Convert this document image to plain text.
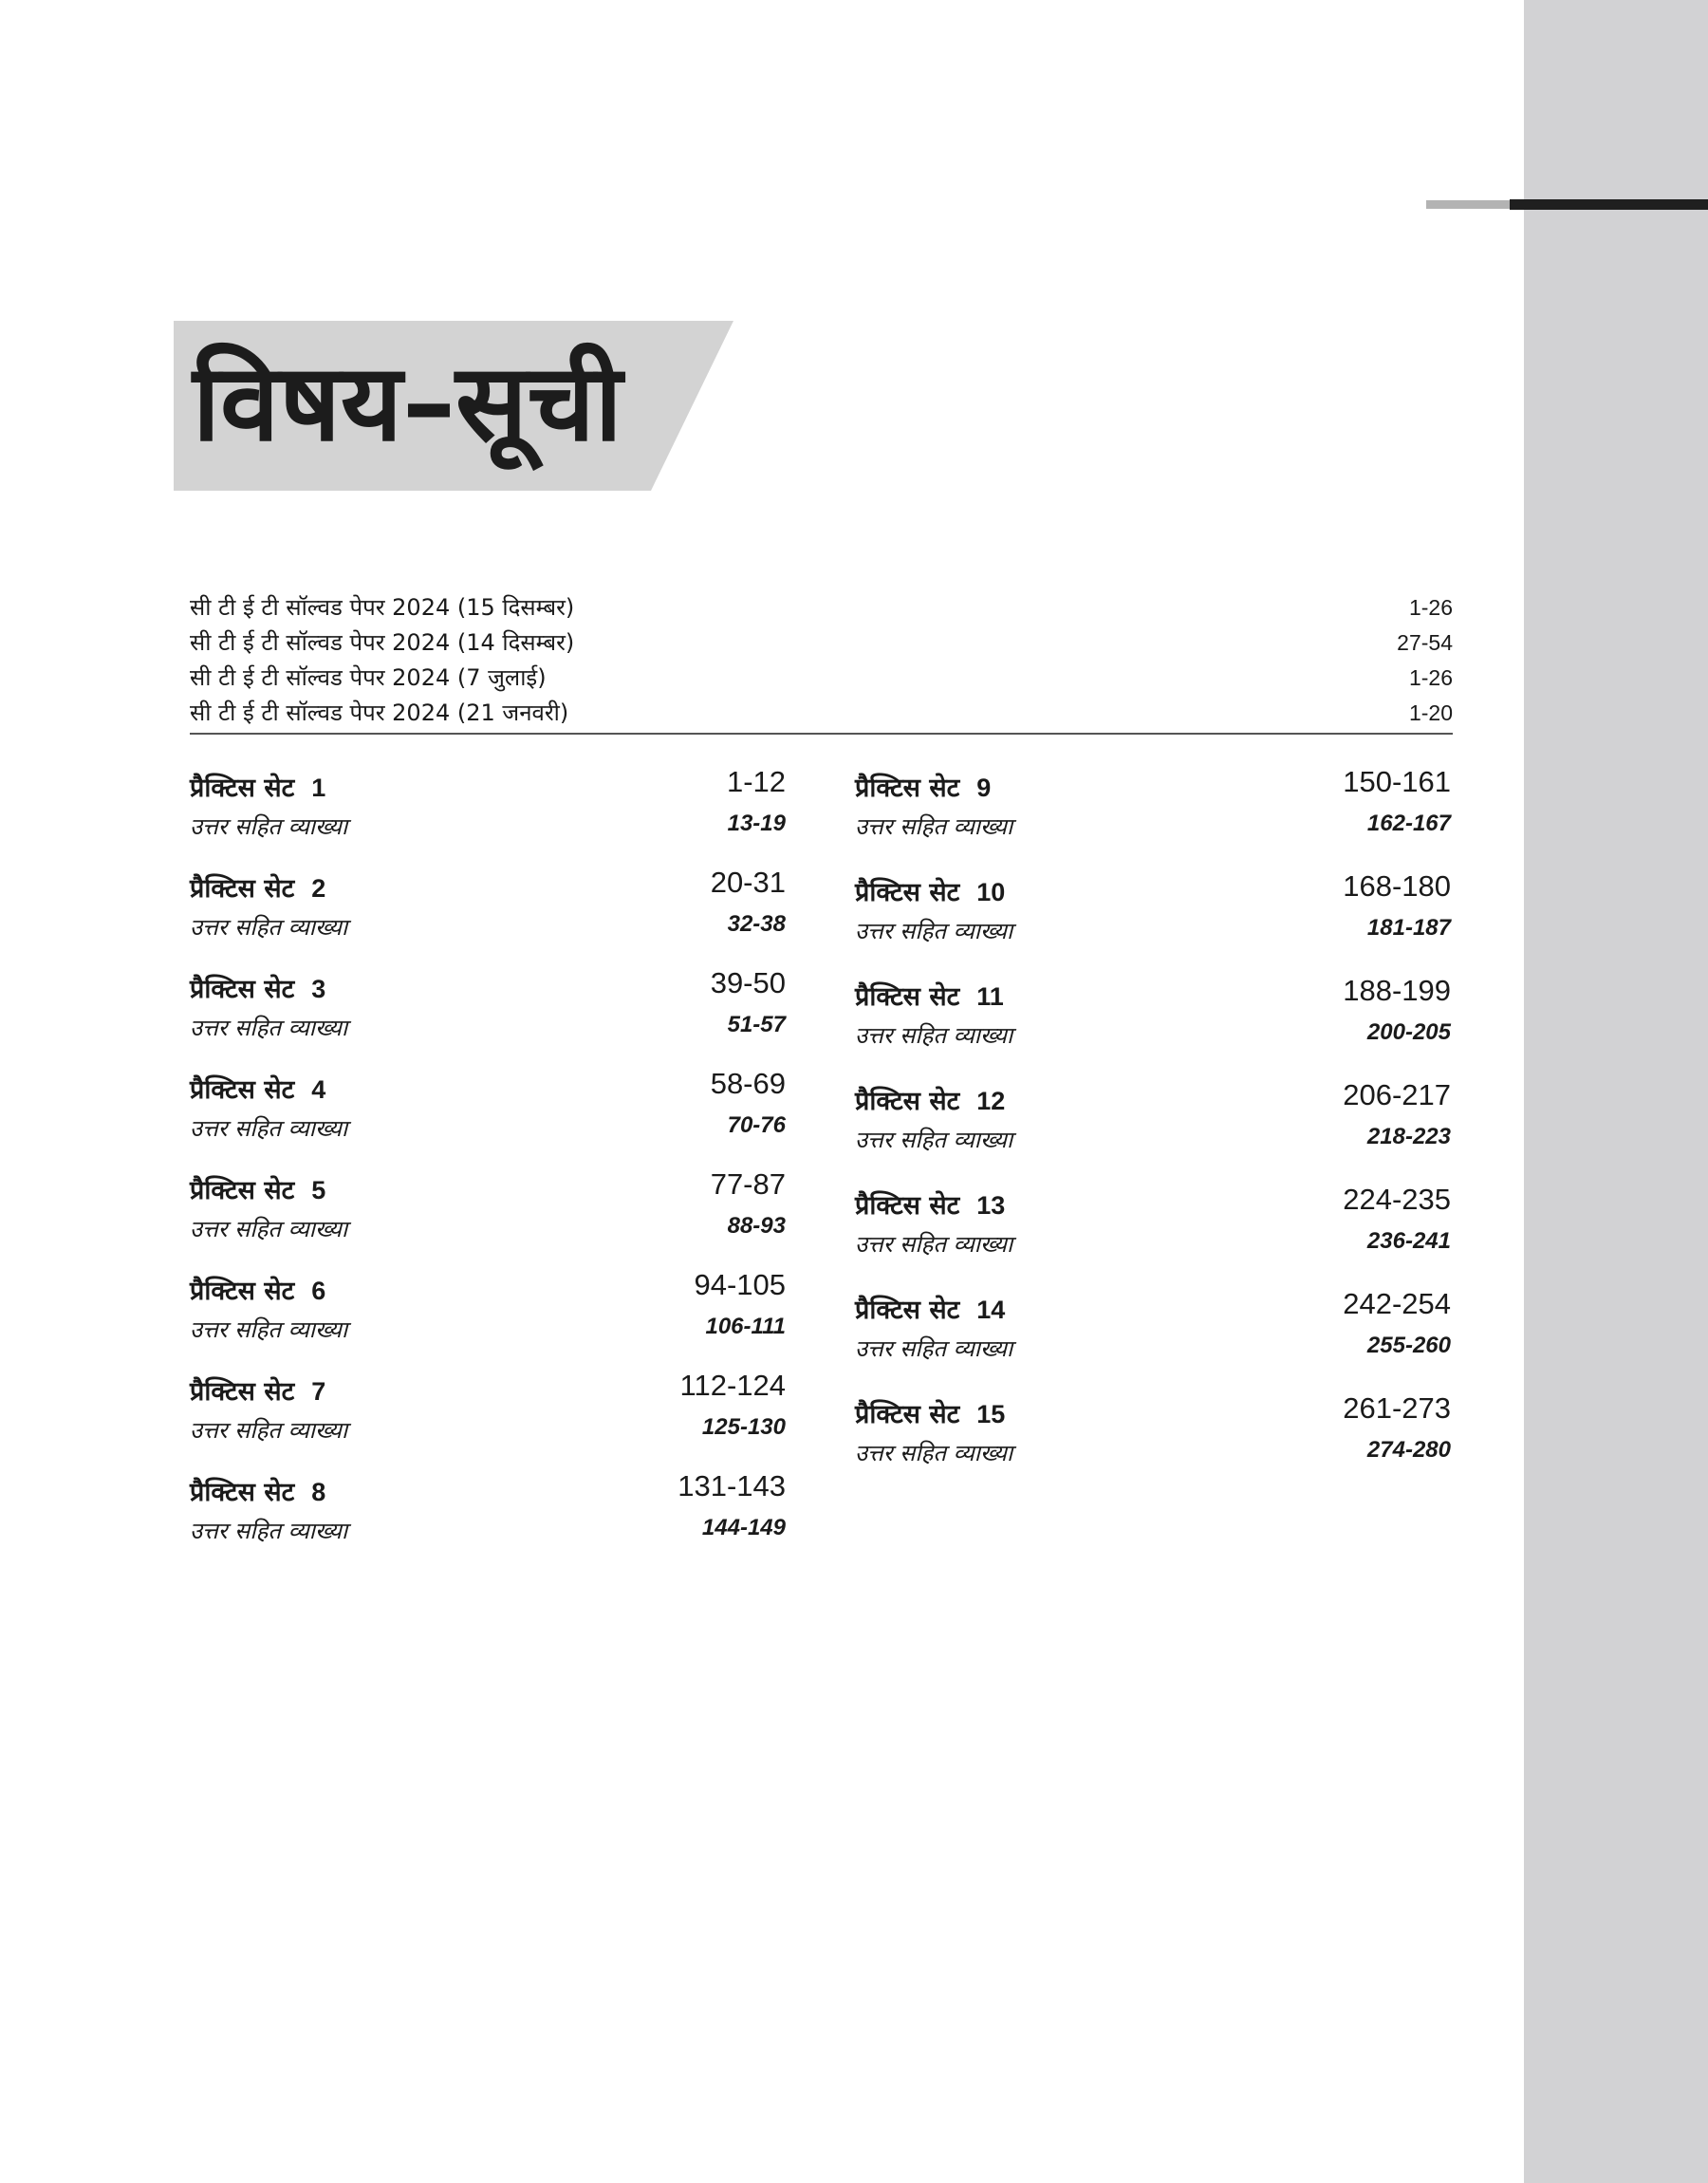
विषय–सूची
सी टी ई टी सॉल्वड पेपर 2024 (15 दिसम्बर)	1-26
सी टी ई टी सॉल्वड पेपर 2024 (14 दिसम्बर)	27-54
सी टी ई टी सॉल्वड पेपर 2024 (7 जुलाई)	1-26
सी टी ई टी सॉल्वड पेपर 2024 (21 जनवरी)	1-20
प्रैक्टिस सेट 1	1-12
उत्तर सहित व्याख्या	13-19
प्रैक्टिस सेट 2	20-31
उत्तर सहित व्याख्या	32-38
प्रैक्टिस सेट 3	39-50
उत्तर सहित व्याख्या	51-57
प्रैक्टिस सेट 4	58-69
उत्तर सहित व्याख्या	70-76
प्रैक्टिस सेट 5	77-87
उत्तर सहित व्याख्या	88-93
प्रैक्टिस सेट 6	94-105
उत्तर सहित व्याख्या	106-111
प्रैक्टिस सेट 7	112-124
उत्तर सहित व्याख्या	125-130
प्रैक्टिस सेट 8	131-143
उत्तर सहित व्याख्या	144-149
प्रैक्टिस सेट 9	150-161
उत्तर सहित व्याख्या	162-167
प्रैक्टिस सेट 10	168-180
उत्तर सहित व्याख्या	181-187
प्रैक्टिस सेट 11	188-199
उत्तर सहित व्याख्या	200-205
प्रैक्टिस सेट 12	206-217
उत्तर सहित व्याख्या	218-223
प्रैक्टिस सेट 13	224-235
उत्तर सहित व्याख्या	236-241
प्रैक्टिस सेट 14	242-254
उत्तर सहित व्याख्या	255-260
प्रैक्टिस सेट 15	261-273
उत्तर सहित व्याख्या	274-280
